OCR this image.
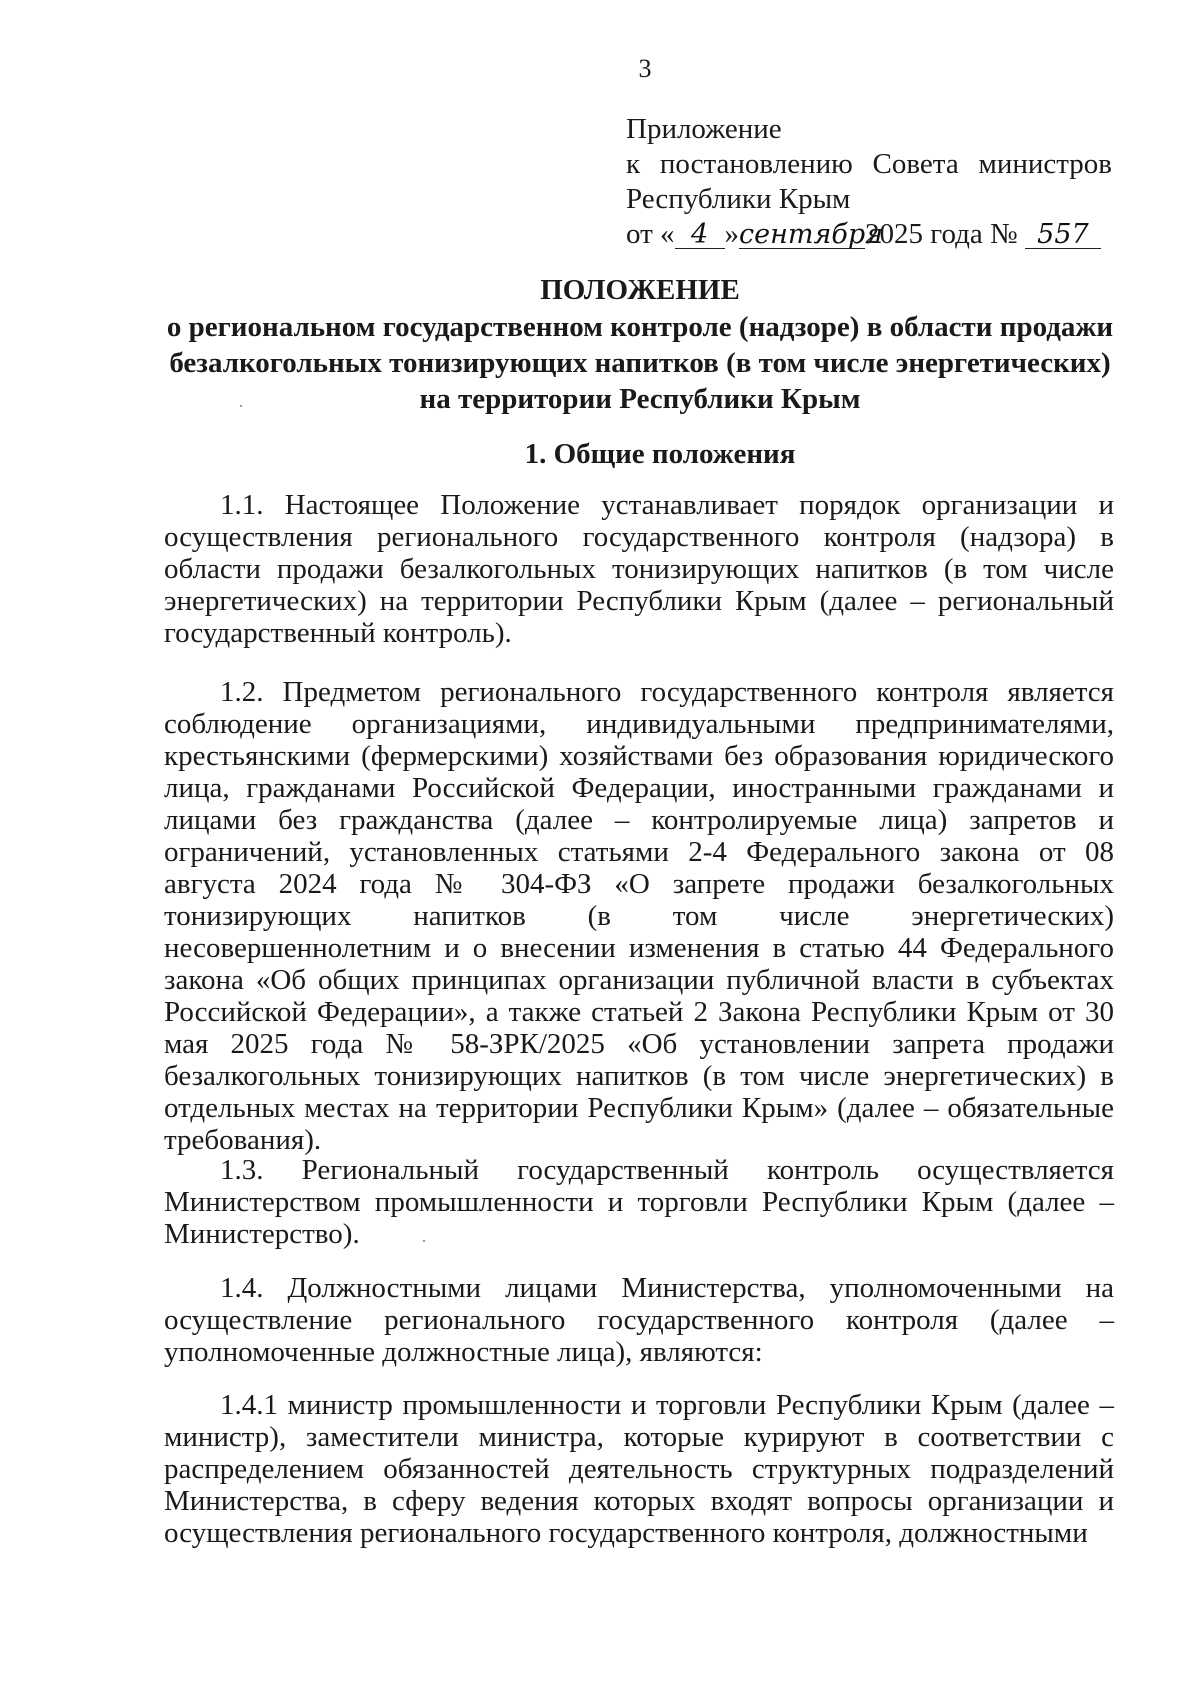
3
Приложение
к постановлению Совета министров
Республики Крым
от « 4 »сентября2025 года № 557
ПОЛОЖЕНИЕ
о региональном государственном контроле (надзоре) в области продажи безалкогольных тонизирующих напитков (в том числе энергетических) на территории Республики Крым
1. Общие положения

1.1. Настоящее Положение устанавливает порядок организации и осуществления регионального государственного контроля (надзора) в области продажи безалкогольных тонизирующих напитков (в том числе энергетических) на территории Республики Крым (далее – региональный государственный контроль).

1.2. Предметом регионального государственного контроля является соблюдение организациями, индивидуальными предпринимателями, крестьянскими (фермерскими) хозяйствами без образования юридического лица, гражданами Российской Федерации, иностранными гражданами и лицами без гражданства (далее – контролируемые лица) запретов и ограничений, установленных статьями 2-4 Федерального закона от 08 августа 2024 года № 304-ФЗ «О запрете продажи безалкогольных тонизирующих напитков (в том числе энергетических) несовершеннолетним и о внесении изменения в статью 44 Федерального закона «Об общих принципах организации публичной власти в субъектах Российской Федерации», а также статьей 2 Закона Республики Крым от 30 мая 2025 года № 58-ЗРК/2025 «Об установлении запрета продажи безалкогольных тонизирующих напитков (в том числе энергетических) в отдельных местах на территории Республики Крым» (далее – обязательные требования).

1.3. Региональный государственный контроль осуществляется Министерством промышленности и торговли Республики Крым (далее – Министерство).

1.4. Должностными лицами Министерства, уполномоченными на осуществление регионального государственного контроля (далее – уполномоченные должностные лица), являются:

1.4.1 министр промышленности и торговли Республики Крым (далее – министр), заместители министра, которые курируют в соответствии с распределением обязанностей деятельность структурных подразделений Министерства, в сферу ведения которых входят вопросы организации и осуществления регионального государственного контроля, должностными
